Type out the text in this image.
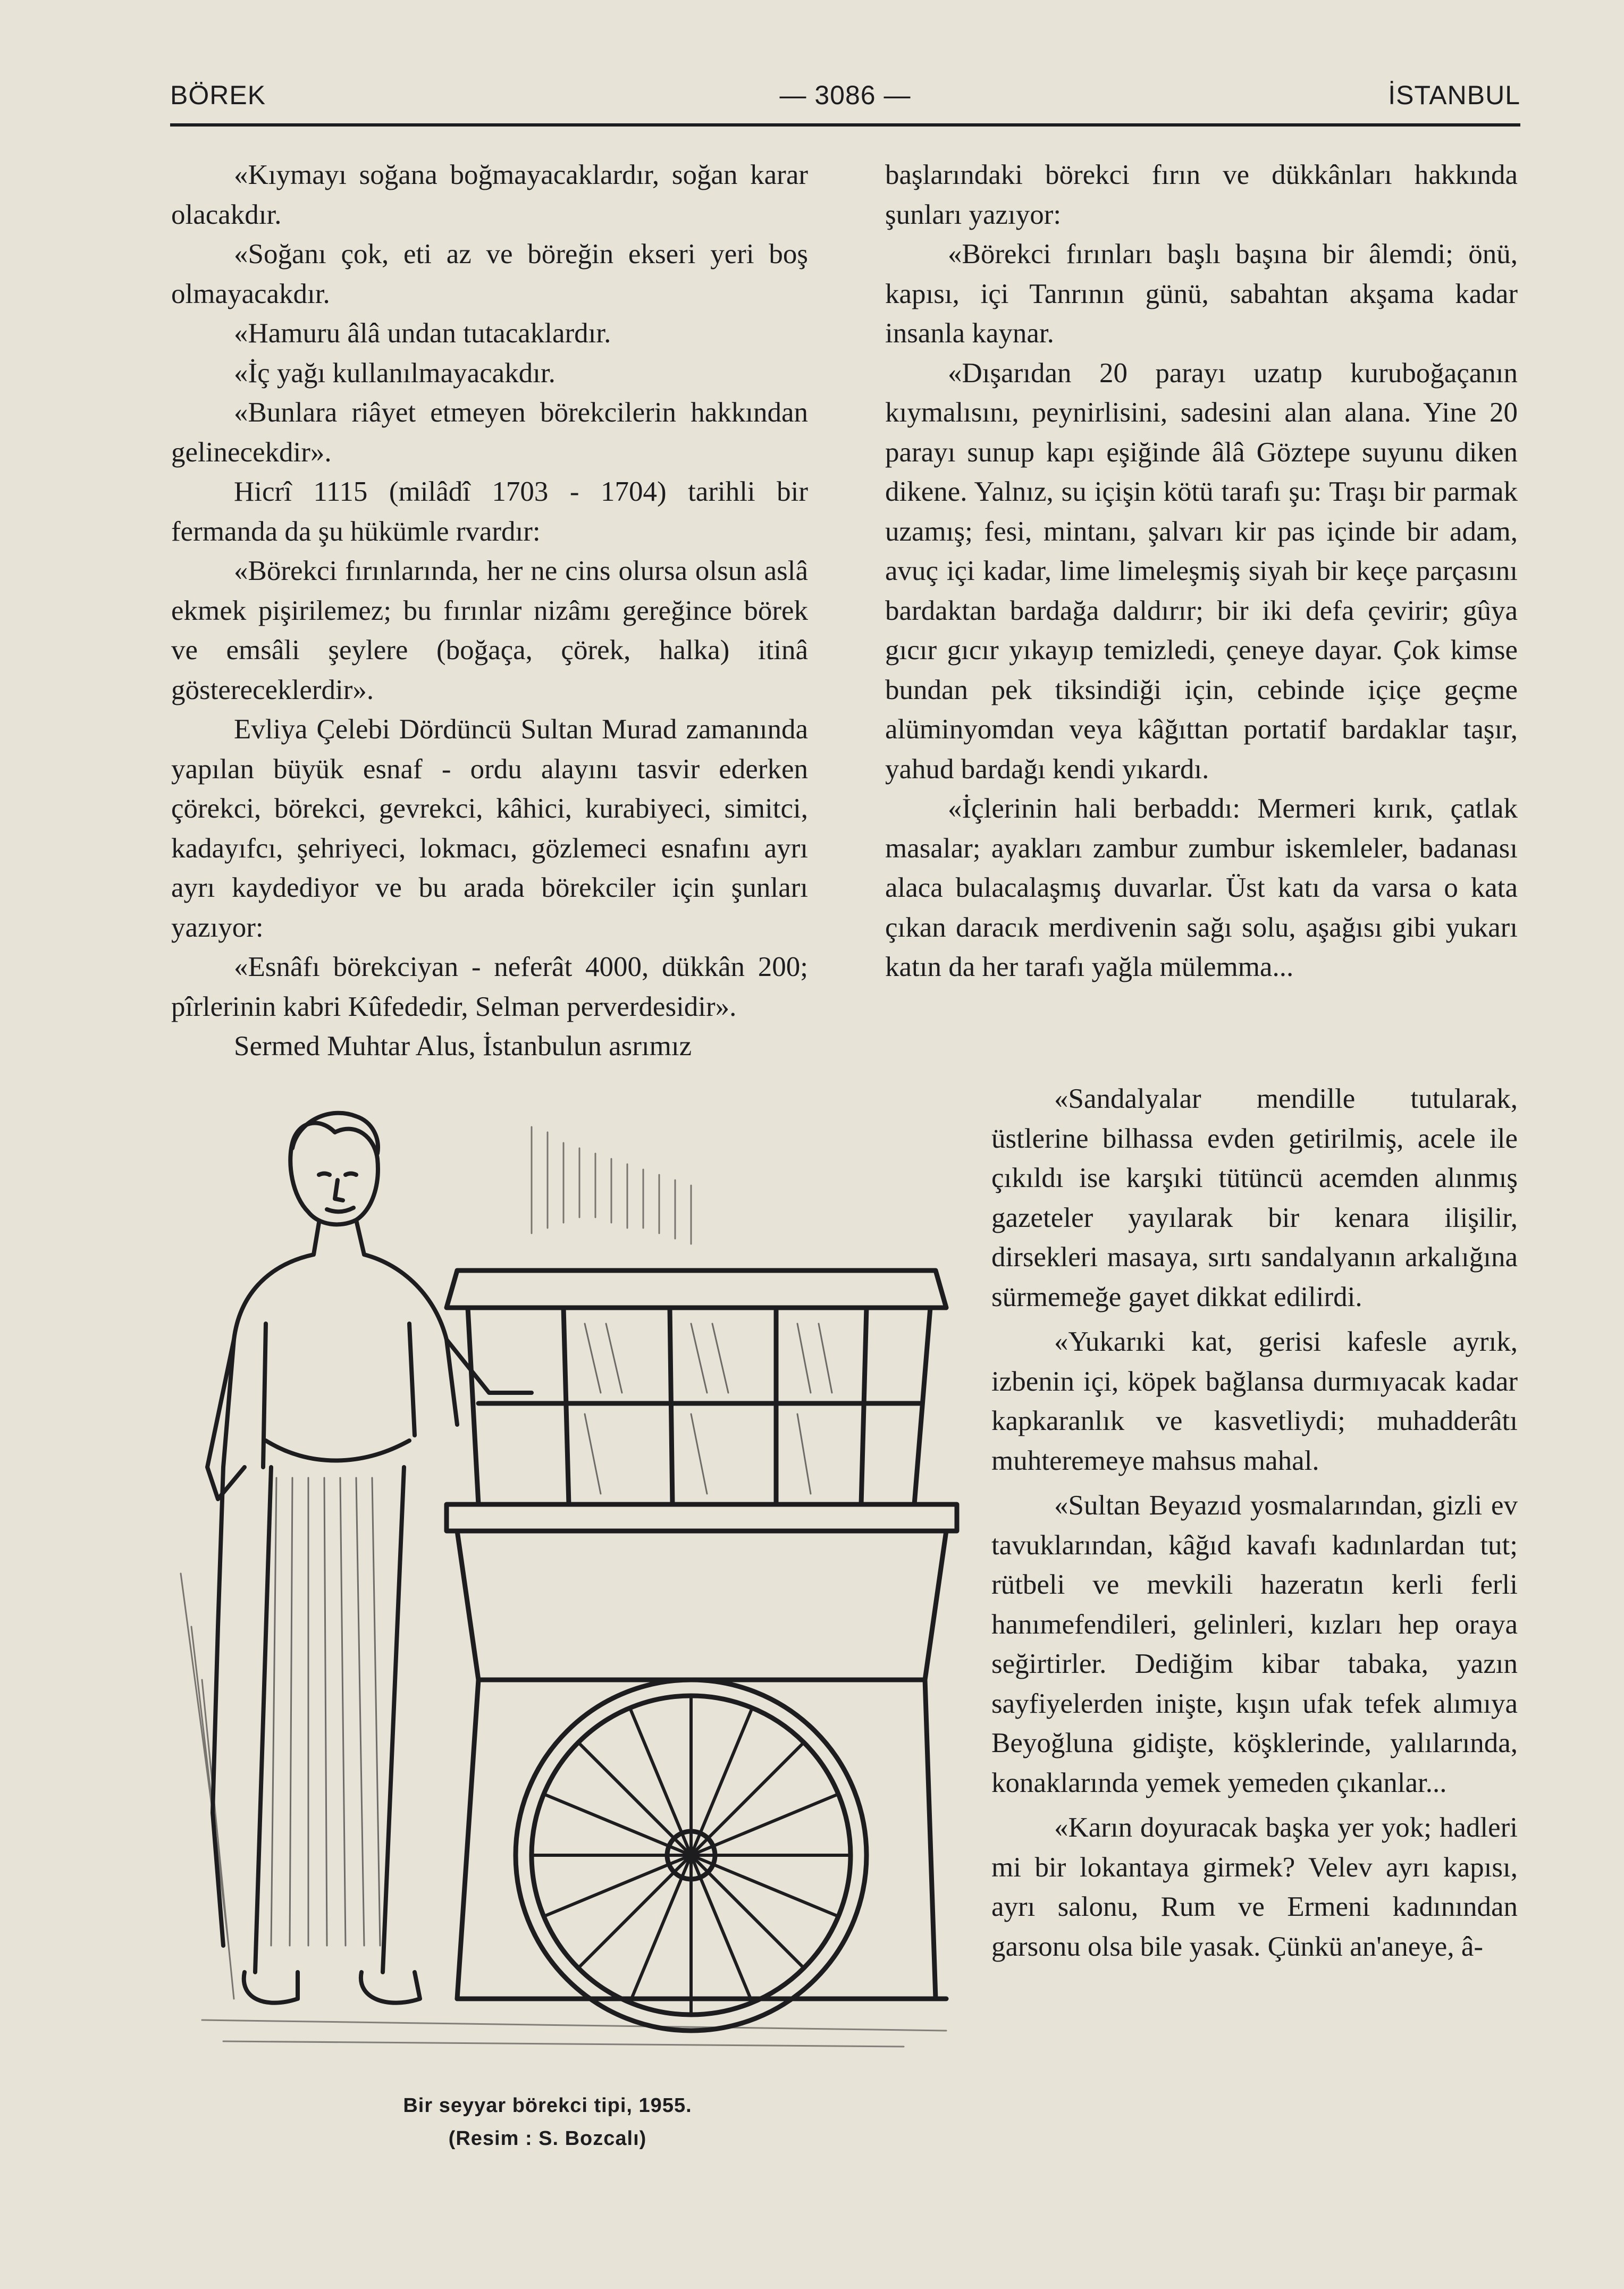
BÖREK	— 3086 —	İSTANBUL

«Kıymayı soğana boğmayacaklardır, soğan karar olacakdır.

«Soğanı çok, eti az ve böreğin ekseri yeri boş olmayacakdır.

«Hamuru âlâ undan tutacaklardır.

«İç yağı kullanılmayacakdır.

«Bunlara riâyet etmeyen börekcilerin hakkından gelinecekdir».

Hicrî 1115 (milâdî 1703 - 1704) tarihli bir fermanda da şu hükümle rvardır:

«Börekci fırınlarında, her ne cins olursa olsun aslâ ekmek pişirilemez; bu fırınlar nizâmı gereğince börek ve emsâli şeylere (boğaça, çörek, halka) itinâ göstereceklerdir».

Evliya Çelebi Dördüncü Sultan Murad zamanında yapılan büyük esnaf - ordu alayını tasvir ederken çörekci, börekci, gevrekci, kâhici, kurabiyeci, simitci, kadayıfcı, şehriyeci, lokmacı, gözlemeci esnafını ayrı ayrı kaydediyor ve bu arada börekciler için şunları yazıyor:

«Esnâfı börekciyan - neferât 4000, dükkân 200; pîrlerinin kabri Kûfededir, Selman perverdesidir».

Sermed Muhtar Alus, İstanbulun asrımız

başlarındaki börekci fırın ve dükkânları hakkında şunları yazıyor:

«Börekci fırınları başlı başına bir âlemdi; önü, kapısı, içi Tanrının günü, sabahtan akşama kadar insanla kaynar.

«Dışarıdan 20 parayı uzatıp kuruboğaçanın kıymalısını, peynirlisini, sadesini alan alana. Yine 20 parayı sunup kapı eşiğinde âlâ Göztepe suyunu diken dikene. Yalnız, su içişin kötü tarafı şu: Traşı bir parmak uzamış; fesi, mintanı, şalvarı kir pas içinde bir adam, avuç içi kadar, lime limeleşmiş siyah bir keçe parçasını bardaktan bardağa daldırır; bir iki defa çevirir; gûya gıcır gıcır yıkayıp temizledi, çeneye dayar. Çok kimse bundan pek tiksindiği için, cebinde içiçe geçme alüminyomdan veya kâğıttan portatif bardaklar taşır, yahud bardağı kendi yıkardı.

«İçlerinin hali berbaddı: Mermeri kırık, çatlak masalar; ayakları zambur zumbur iskemleler, badanası alaca bulacalaşmış duvarlar. Üst katı da varsa o kata çıkan daracık merdivenin sağı solu, aşağısı gibi yukarı katın da her tarafı yağla mülemma...

«Sandalyalar mendille tutularak, üstlerine bilhassa evden getirilmiş, acele ile çıkıldı ise karşıki tütüncü acemden alınmış gazeteler yayılarak bir kenara ilişilir, dirsekleri masaya, sırtı sandalyanın arkalığına sürmemeğe gayet dikkat edilirdi.

«Yukarıki kat, gerisi kafesle ayrık, izbenin içi, köpek bağlansa durmıyacak kadar kapkaranlık ve kasvetliydi; muhadderâtı muhteremeye mahsus mahal.

«Sultan Beyazıd yosmalarından, gizli ev tavuklarından, kâğıd kavafı kadınlardan tut; rütbeli ve mevkili hazeratın kerli ferli hanımefendileri, gelinleri, kızları hep oraya seğirtirler. Dediğim kibar tabaka, yazın sayfiyelerden inişte, kışın ufak tefek alımıya Beyoğluna gidişte, köşklerinde, yalılarında, konaklarında yemek yemeden çıkanlar...

«Karın doyuracak başka yer yok; hadleri mi bir lokantaya girmek? Velev ayrı kapısı, ayrı salonu, Rum ve Ermeni kadınından garsonu olsa bile yasak. Çünkü an'aneye, â-

Bir seyyar börekci tipi, 1955.
(Resim : S. Bozcalı)
